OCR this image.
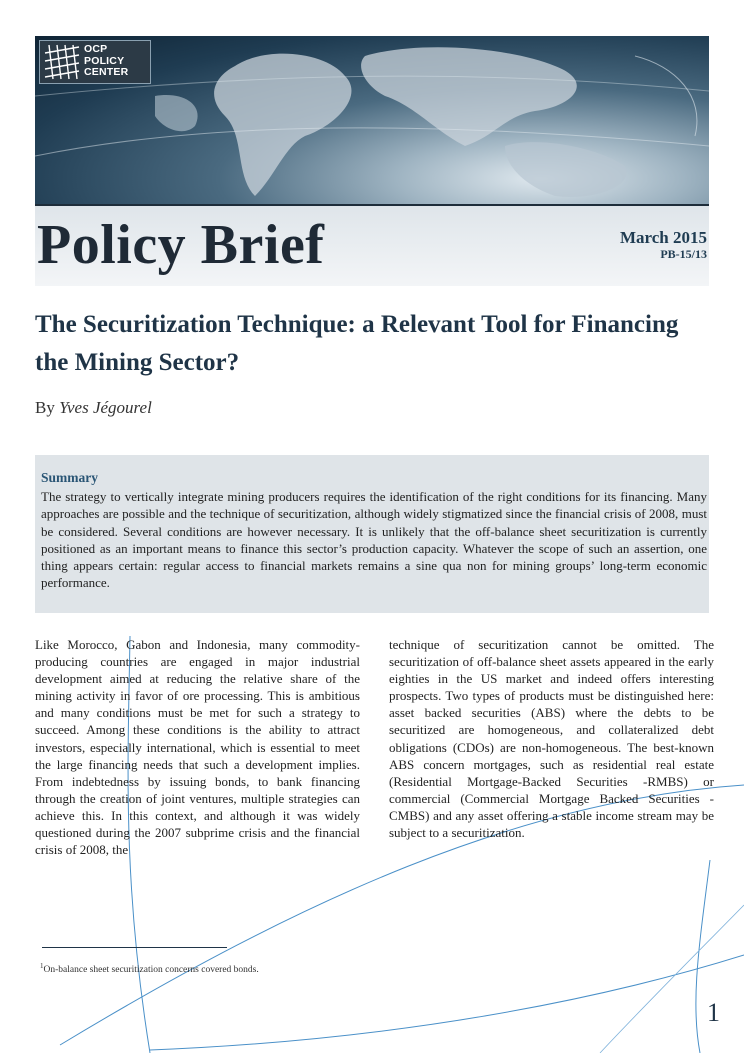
OCP
POLICY
CENTER
Policy Brief	March 2015
PB-15/13
The Securitization Technique: a Relevant Tool for Financing the Mining Sector?
By Yves Jégourel
Summary

The strategy to vertically integrate mining producers requires the identification of the right conditions for its financing. Many approaches are possible and the technique of securitization, although widely stigmatized since the financial crisis of 2008, must be considered. Several conditions are however necessary. It is unlikely that the off-balance sheet securitization is currently positioned as an important means to finance this sector’s production capacity. Whatever the scope of such an assertion, one thing appears certain: regular access to financial markets remains a sine qua non for mining groups’ long-term economic performance.

Like Morocco, Gabon and Indonesia, many commodity-producing countries are engaged in major industrial development aimed at reducing the relative share of the mining activity in favor of ore processing. This is ambitious and many conditions must be met for such a strategy to succeed. Among these conditions is the ability to attract investors, especially international, which is essential to meet the large financing needs that such a development implies. From indebtedness by issuing bonds, to bank financing through the creation of joint ventures, multiple strategies can achieve this. In this context, and although it was widely questioned during the 2007 subprime crisis and the financial crisis of 2008, the

technique of securitization cannot be omitted. The securitization of off-balance sheet assets appeared in the early eighties in the US market and indeed offers interesting prospects. Two types of products must be distinguished here: asset backed securities (ABS) where the debts to be securitized are homogeneous, and collateralized debt obligations (CDOs) are non-homogeneous. The best-known ABS concern mortgages, such as residential real estate (Residential Mortgage-Backed Securities -RMBS) or commercial (Commercial Mortgage Backed Securities -CMBS) and any asset offering a stable income stream may be subject to a securitization.

$^1$On-balance sheet securitization concerns covered bonds.
1
